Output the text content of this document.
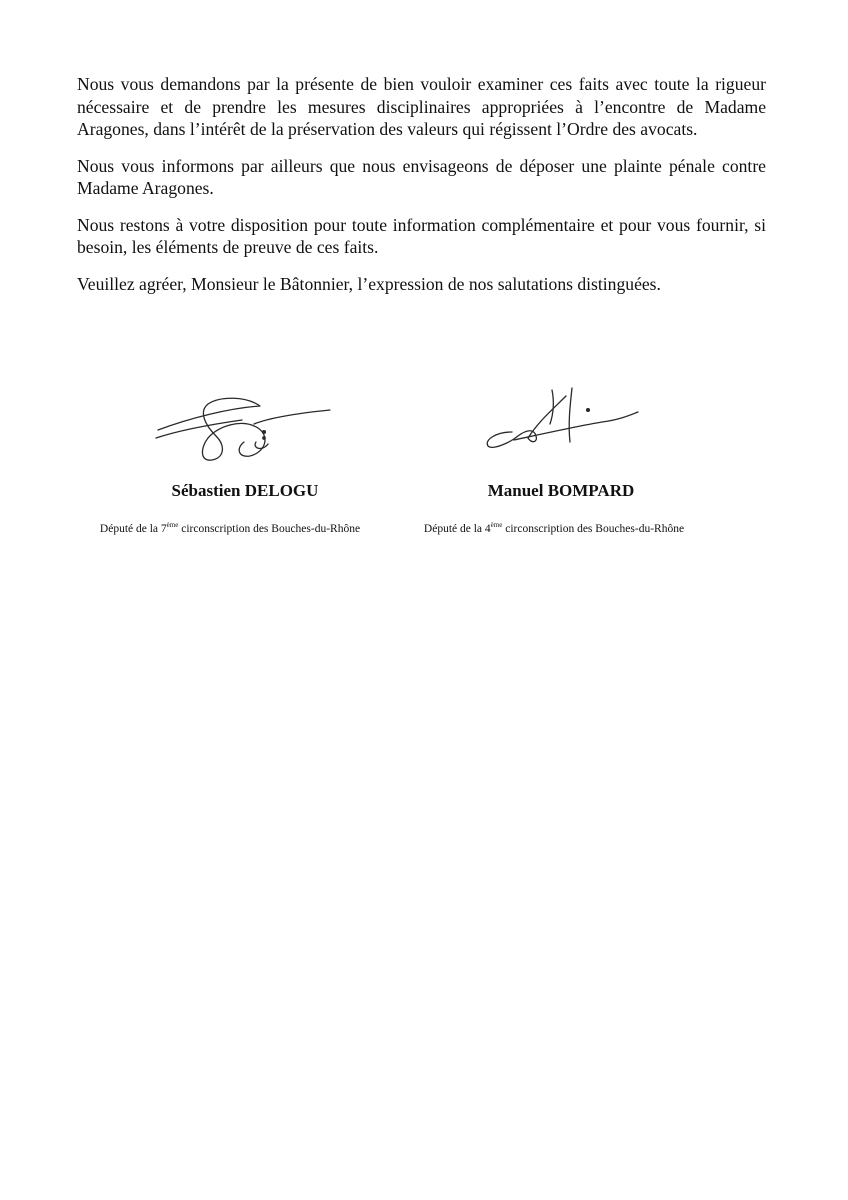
Nous vous demandons par la présente de bien vouloir examiner ces faits avec toute la rigueur nécessaire et de prendre les mesures disciplinaires appropriées à l’encontre de Madame Aragones, dans l’intérêt de la préservation des valeurs qui régissent l’Ordre des avocats.

Nous vous informons par ailleurs que nous envisageons de déposer une plainte pénale contre Madame Aragones.

Nous restons à votre disposition pour toute information complémentaire et pour vous fournir, si besoin, les éléments de preuve de ces faits.

Veuillez agréer, Monsieur le Bâtonnier, l’expression de nos salutations distinguées.

Sébastien DELOGU	Manuel BOMPARD
Député de la 7ème circonscription des Bouches-du-Rhône	Député de la 4ème circonscription des Bouches-du-Rhône
